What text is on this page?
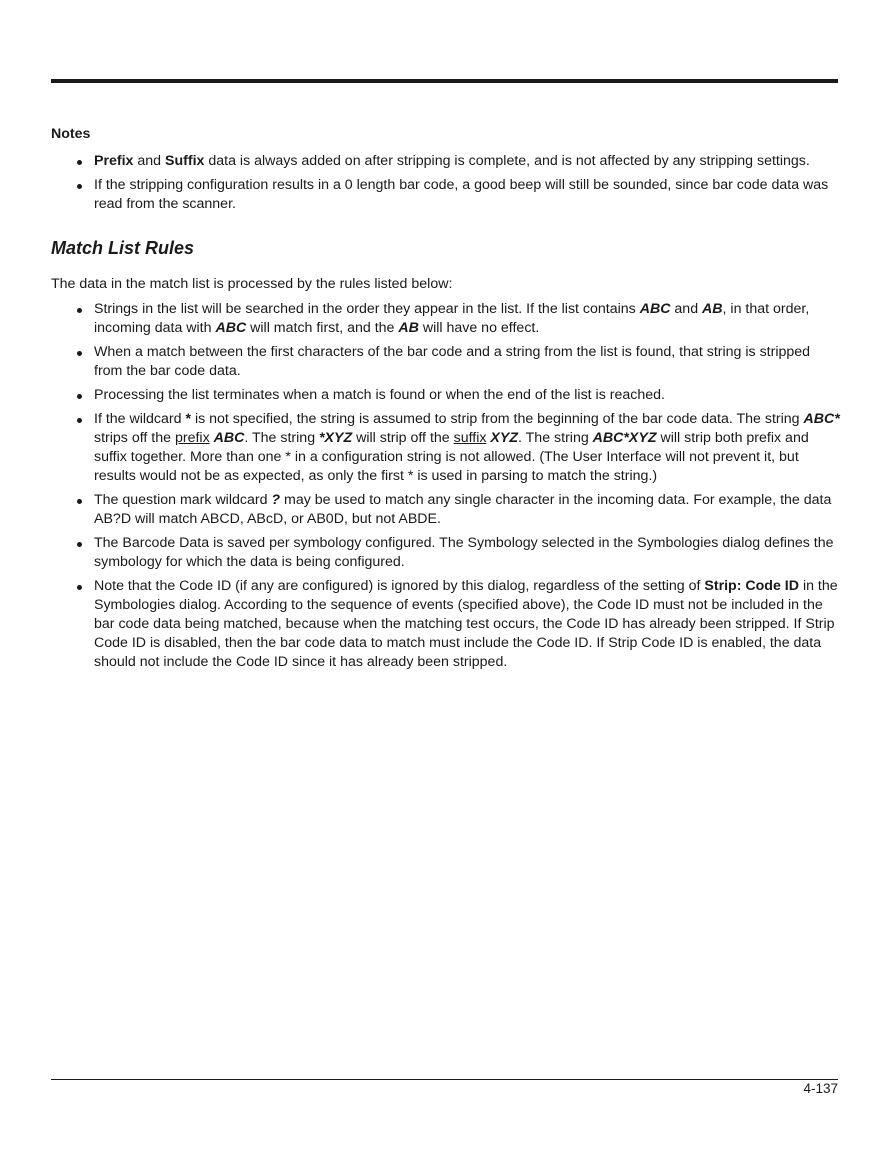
Notes
Prefix and Suffix data is always added on after stripping is complete, and is not affected by any stripping settings.
If the stripping configuration results in a 0 length bar code, a good beep will still be sounded, since bar code data was read from the scanner.
Match List Rules
The data in the match list is processed by the rules listed below:
Strings in the list will be searched in the order they appear in the list. If the list contains ABC and AB, in that order, incoming data with ABC will match first, and the AB will have no effect.
When a match between the first characters of the bar code and a string from the list is found, that string is stripped from the bar code data.
Processing the list terminates when a match is found or when the end of the list is reached.
If the wildcard * is not specified, the string is assumed to strip from the beginning of the bar code data. The string ABC* strips off the prefix ABC. The string *XYZ will strip off the suffix XYZ. The string ABC*XYZ will strip both prefix and suffix together. More than one * in a configuration string is not allowed. (The User Interface will not prevent it, but results would not be as expected, as only the first * is used in parsing to match the string.)
The question mark wildcard ? may be used to match any single character in the incoming data. For example, the data AB?D will match ABCD, ABcD, or AB0D, but not ABDE.
The Barcode Data is saved per symbology configured. The Symbology selected in the Symbologies dialog defines the symbology for which the data is being configured.
Note that the Code ID (if any are configured) is ignored by this dialog, regardless of the setting of Strip: Code ID in the Symbologies dialog. According to the sequence of events (specified above), the Code ID must not be included in the bar code data being matched, because when the matching test occurs, the Code ID has already been stripped. If Strip Code ID is disabled, then the bar code data to match must include the Code ID. If Strip Code ID is enabled, the data should not include the Code ID since it has already been stripped.
4-137
